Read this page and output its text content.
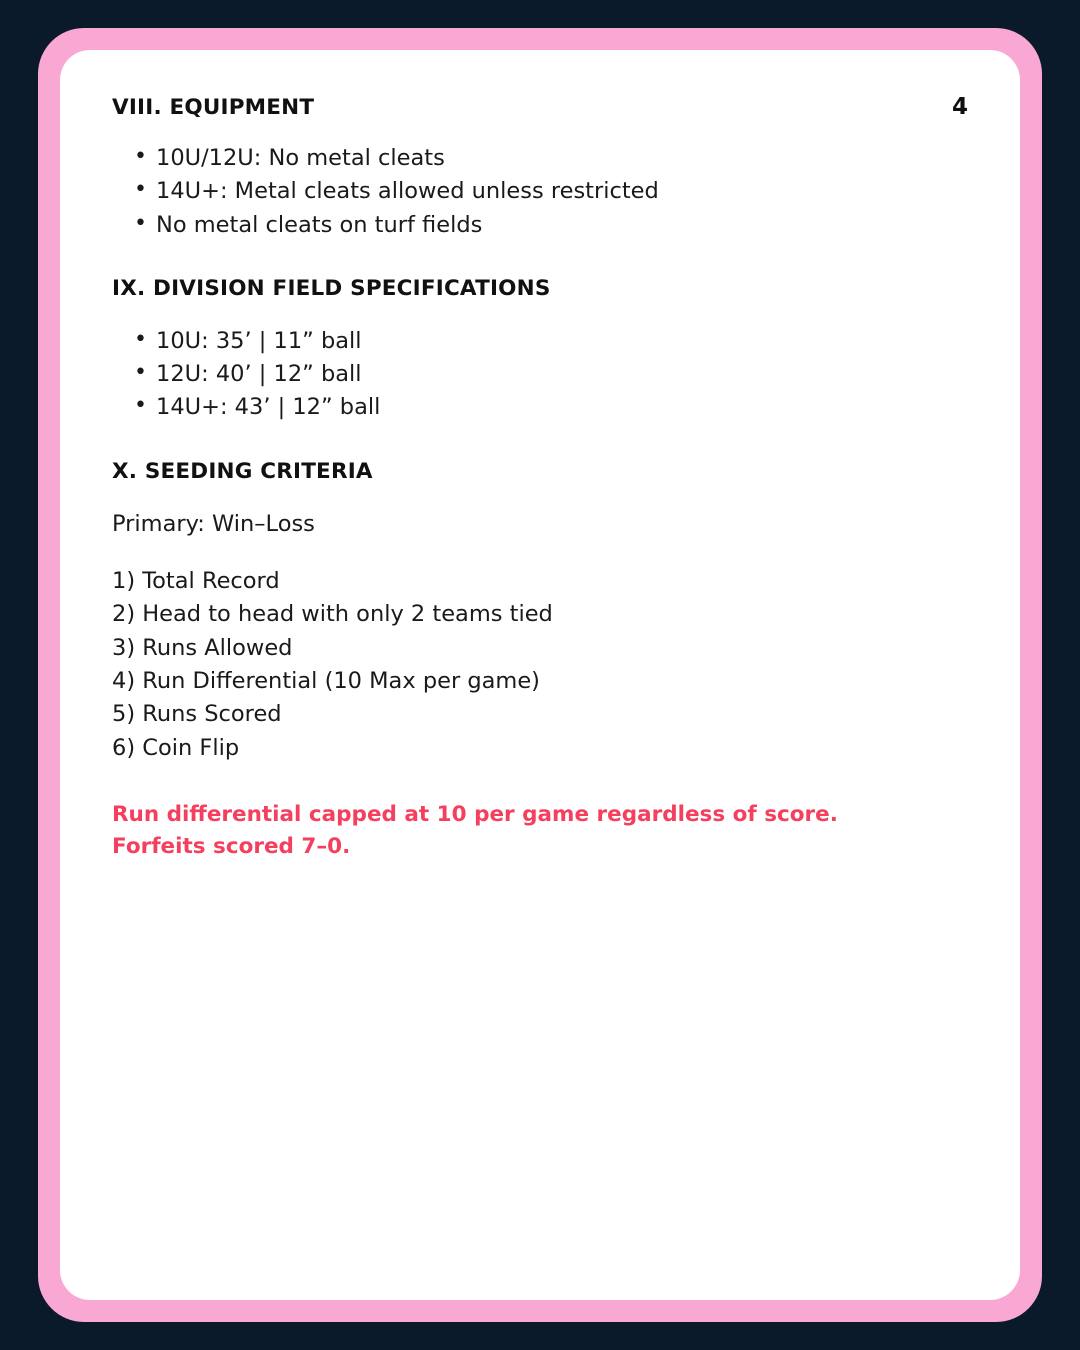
VIII. EQUIPMENT	4
• 10U/12U: No metal cleats
• 14U+: Metal cleats allowed unless restricted
• No metal cleats on turf fields
IX. DIVISION FIELD SPECIFICATIONS
• 10U: 35’ | 11” ball
• 12U: 40’ | 12” ball
• 14U+: 43’ | 12” ball
X. SEEDING CRITERIA

Primary: Win–Loss

1) Total Record
2) Head to head with only 2 teams tied
3) Runs Allowed
4) Run Differential (10 Max per game)
5) Runs Scored
6) Coin Flip

Run differential capped at 10 per game regardless of score.

Forfeits scored 7–0.
